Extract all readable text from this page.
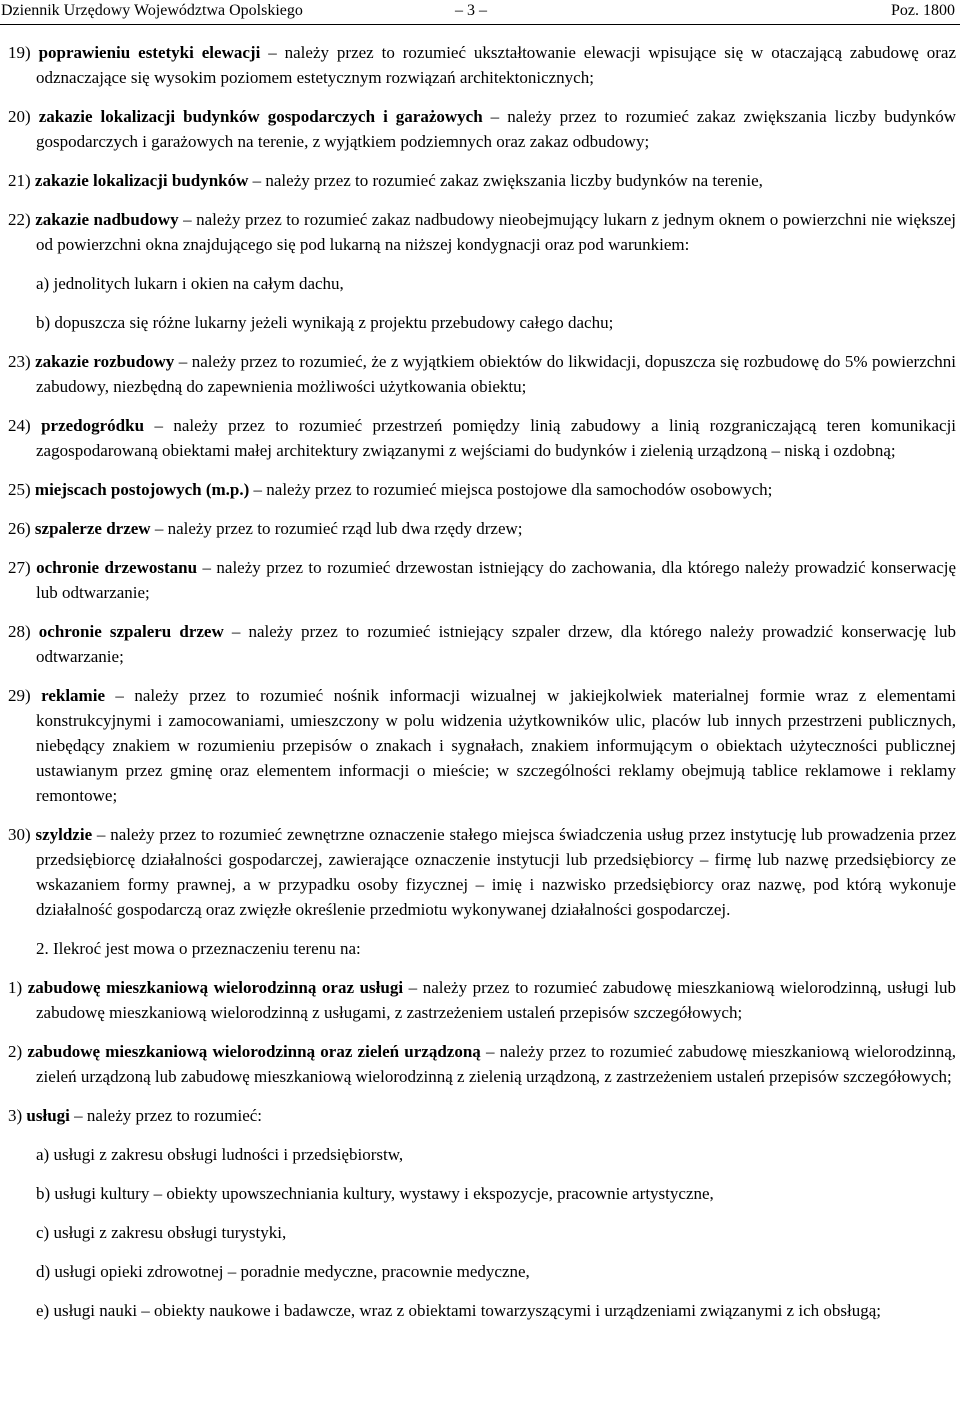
Dziennik Urzędowy Województwa Opolskiego	– 3 –	Poz. 1800
19) poprawieniu estetyki elewacji – należy przez to rozumieć ukształtowanie elewacji wpisujące się w otaczającą zabudowę oraz odznaczające się wysokim poziomem estetycznym rozwiązań architektonicznych;
20) zakazie lokalizacji budynków gospodarczych i garażowych – należy przez to rozumieć zakaz zwiększania liczby budynków gospodarczych i garażowych na terenie, z wyjątkiem podziemnych oraz zakaz odbudowy;
21) zakazie lokalizacji budynków – należy przez to rozumieć zakaz zwiększania liczby budynków na terenie,
22) zakazie nadbudowy – należy przez to rozumieć zakaz nadbudowy nieobejmujący lukarn z jednym oknem o powierzchni nie większej od powierzchni okna znajdującego się pod lukarną na niższej kondygnacji oraz pod warunkiem:
a) jednolitych lukarn i okien na całym dachu,
b) dopuszcza się różne lukarny jeżeli wynikają z projektu przebudowy całego dachu;
23) zakazie rozbudowy – należy przez to rozumieć, że z wyjątkiem obiektów do likwidacji, dopuszcza się rozbudowę do 5% powierzchni zabudowy, niezbędną do zapewnienia możliwości użytkowania obiektu;
24) przedogródku – należy przez to rozumieć przestrzeń pomiędzy linią zabudowy a linią rozgraniczającą teren komunikacji zagospodarowaną obiektami małej architektury związanymi z wejściami do budynków i zielenią urządzoną – niską i ozdobną;
25) miejscach postojowych (m.p.) – należy przez to rozumieć miejsca postojowe dla samochodów osobowych;
26) szpalerze drzew – należy przez to rozumieć rząd lub dwa rzędy drzew;
27) ochronie drzewostanu – należy przez to rozumieć drzewostan istniejący do zachowania, dla którego należy prowadzić konserwację lub odtwarzanie;
28) ochronie szpaleru drzew – należy przez to rozumieć istniejący szpaler drzew, dla którego należy prowadzić konserwację lub odtwarzanie;
29) reklamie – należy przez to rozumieć nośnik informacji wizualnej w jakiejkolwiek materialnej formie wraz z elementami konstrukcyjnymi i zamocowaniami, umieszczony w polu widzenia użytkowników ulic, placów lub innych przestrzeni publicznych, niebędący znakiem w rozumieniu przepisów o znakach i sygnałach, znakiem informującym o obiektach użyteczności publicznej ustawianym przez gminę oraz elementem informacji o mieście; w szczególności reklamy obejmują tablice reklamowe i reklamy remontowe;
30) szyldzie – należy przez to rozumieć zewnętrzne oznaczenie stałego miejsca świadczenia usług przez instytucję lub prowadzenia przez przedsiębiorcę działalności gospodarczej, zawierające oznaczenie instytucji lub przedsiębiorcy – firmę lub nazwę przedsiębiorcy ze wskazaniem formy prawnej, a w przypadku osoby fizycznej – imię i nazwisko przedsiębiorcy oraz nazwę, pod którą wykonuje działalność gospodarczą oraz zwięzłe określenie przedmiotu wykonywanej działalności gospodarczej.
2. Ilekroć jest mowa o przeznaczeniu terenu na:
1) zabudowę mieszkaniową wielorodzinną oraz usługi – należy przez to rozumieć zabudowę mieszkaniową wielorodzinną, usługi lub zabudowę mieszkaniową wielorodzinną z usługami, z zastrzeżeniem ustaleń przepisów szczegółowych;
2) zabudowę mieszkaniową wielorodzinną oraz zieleń urządzoną – należy przez to rozumieć zabudowę mieszkaniową wielorodzinną, zieleń urządzoną lub zabudowę mieszkaniową wielorodzinną z zielenią urządzoną, z zastrzeżeniem ustaleń przepisów szczegółowych;
3) usługi – należy przez to rozumieć:
a) usługi z zakresu obsługi ludności i przedsiębiorstw,
b) usługi kultury – obiekty upowszechniania kultury, wystawy i ekspozycje, pracownie artystyczne,
c) usługi z zakresu obsługi turystyki,
d) usługi opieki zdrowotnej – poradnie medyczne, pracownie medyczne,
e) usługi nauki – obiekty naukowe i badawcze, wraz z obiektami towarzyszącymi i urządzeniami związanymi z ich obsługą;
